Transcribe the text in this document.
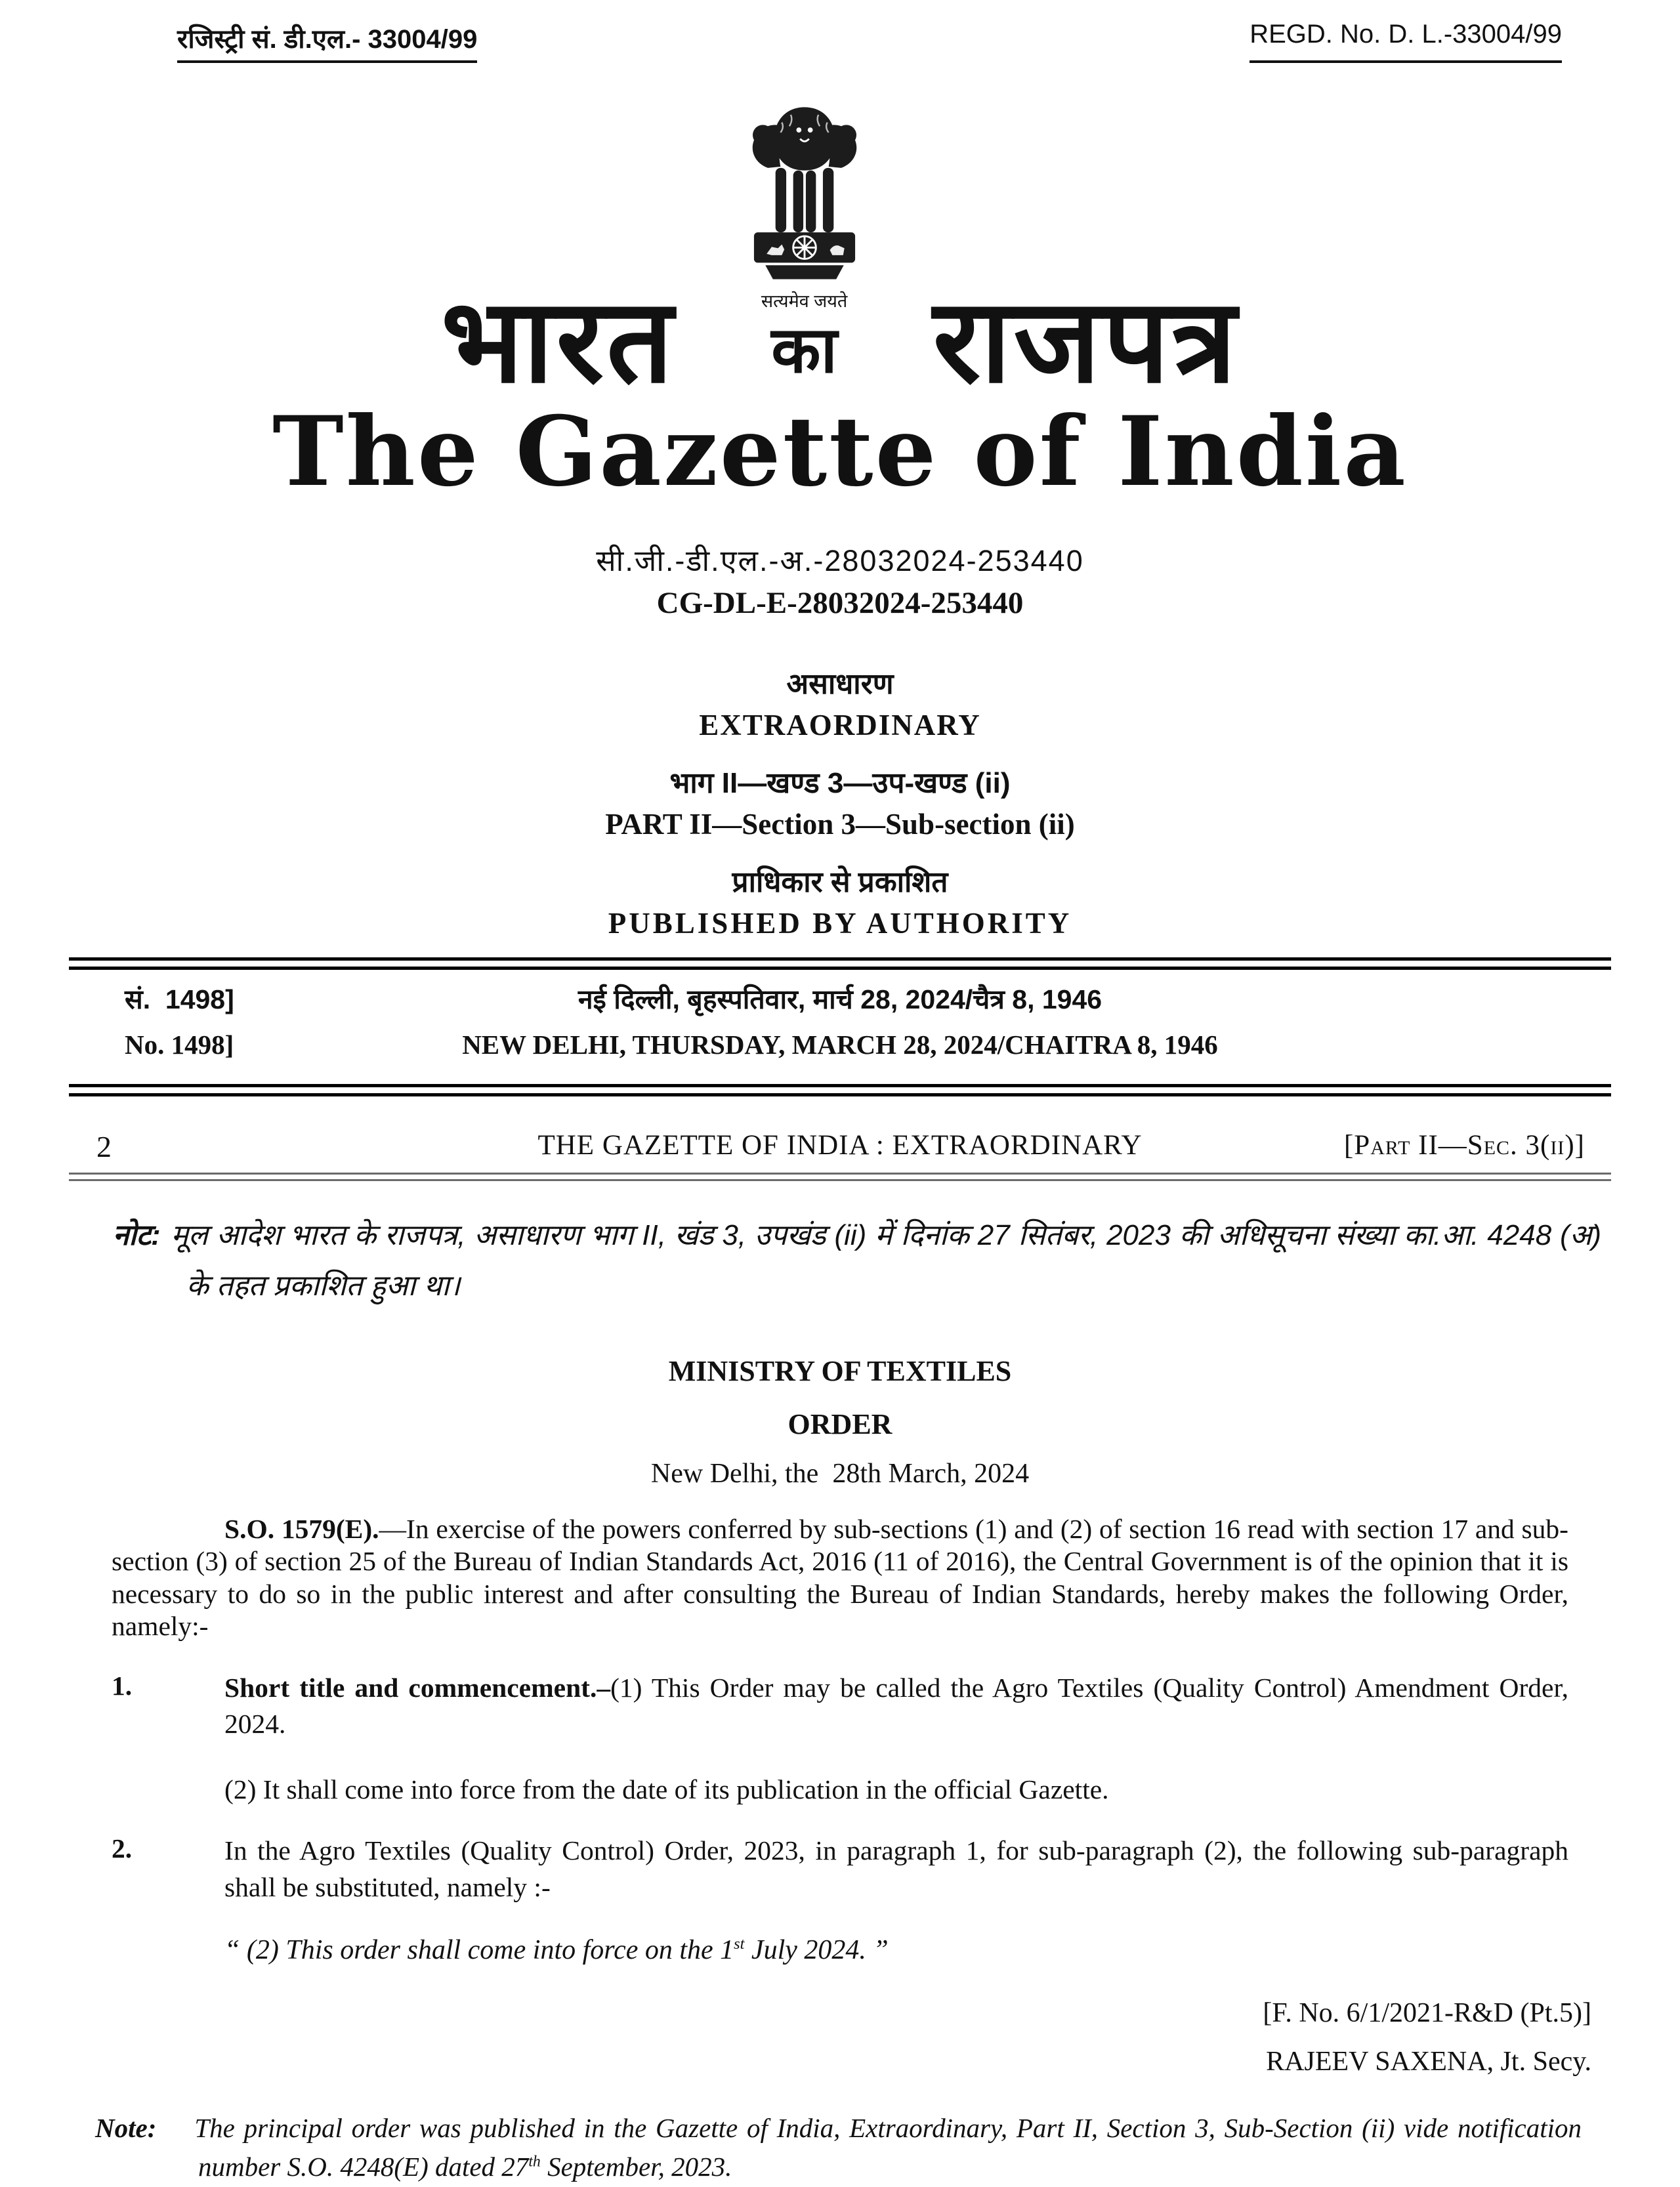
रजिस्ट्री सं. डी.एल.- 33004/99	REGD. No. D. L.-33004/99
भारत	सत्यमेव जयते
का राजपत्र
The Gazette of India
सी.जी.-डी.एल.-अ.-28032024-253440
CG-DL-E-28032024-253440
असाधारण
EXTRAORDINARY
भाग II—खण्ड 3—उप-खण्ड (ii)
PART II—Section 3—Sub-section (ii)
प्राधिकार से प्रकाशित
PUBLISHED BY AUTHORITY
सं.  1498]	नई दिल्ली, बृहस्पतिवार, मार्च 28, 2024/चैत्र 8, 1946
No. 1498]	NEW DELHI, THURSDAY, MARCH 28, 2024/CHAITRA 8, 1946
2	THE GAZETTE OF INDIA : EXTRAORDINARY	[Part II—Sec. 3(ii)]
नोट: मूल आदेश भारत के राजपत्र, असाधारण भाग II, खंड 3, उपखंड (ii) में दिनांक 27 सितंबर, 2023 की अधिसूचना संख्या का.आ. 4248 (अ) के तहत प्रकाशित हुआ था।
MINISTRY OF TEXTILES
ORDER
New Delhi, the  28th March, 2024

S.O. 1579(E).—In exercise of the powers conferred by sub-sections (1) and (2) of section 16 read with section 17 and sub-section (3) of section 25 of the Bureau of Indian Standards Act, 2016 (11 of 2016), the Central Government is of the opinion that it is necessary to do so in the public interest and after consulting the Bureau of Indian Standards, hereby makes the following Order, namely:-

1.	Short title and commencement.–(1) This Order may be called the Agro Textiles (Quality Control) Amendment Order, 2024.

(2) It shall come into force from the date of its publication in the official Gazette.

2.	In the Agro Textiles (Quality Control) Order, 2023, in paragraph 1, for sub-paragraph (2), the following sub-paragraph shall be substituted, namely :-

“ (2) This order shall come into force on the 1st July 2024. ”

[F. No. 6/1/2021-R&D (Pt.5)]
RAJEEV SAXENA, Jt. Secy.

Note: The principal order was published in the Gazette of India, Extraordinary, Part II, Section 3, Sub-Section (ii) vide notification number S.O. 4248(E) dated 27th September, 2023.
